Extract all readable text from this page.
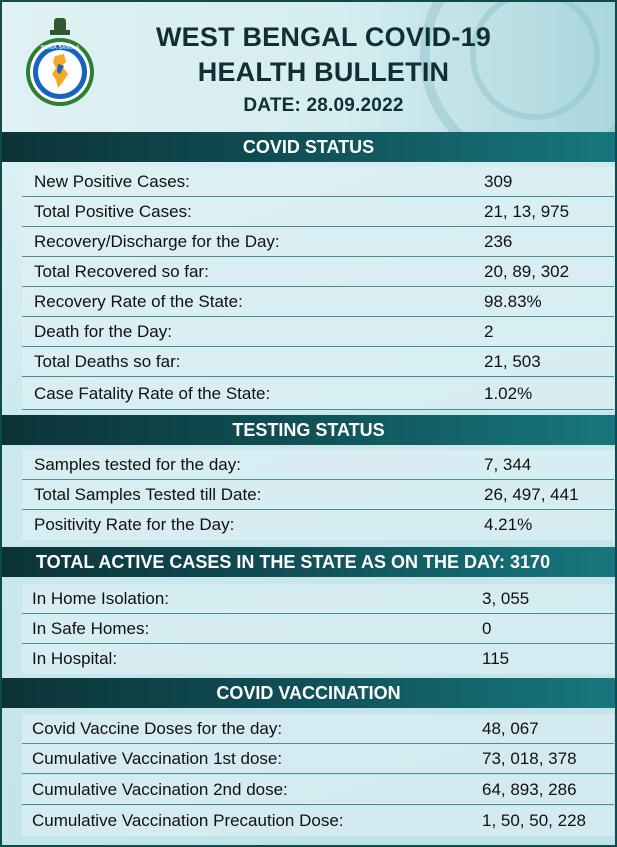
BISWA BANGLA	WEST BENGAL COVID-19
HEALTH BULLETIN
DATE: 28.09.2022
COVID STATUS
New Positive Cases:	309
Total Positive Cases:	21, 13, 975
Recovery/Discharge for the Day:	236
Total Recovered so far:	20, 89, 302
Recovery Rate of the State:	98.83%
Death for the Day:	2
Total Deaths so far:	21, 503
Case Fatality Rate of the State:	1.02%
TESTING STATUS
Samples tested for the day:	7, 344
Total Samples Tested till Date:	26, 497, 441
Positivity Rate for the Day:	4.21%
TOTAL ACTIVE CASES IN THE STATE AS ON THE DAY: 3170
In Home Isolation:	3, 055
In Safe Homes:	0
In Hospital:	115
COVID VACCINATION
Covid Vaccine Doses for the day:	48, 067
Cumulative Vaccination 1st dose:	73, 018, 378
Cumulative Vaccination 2nd dose:	64, 893, 286
Cumulative Vaccination Precaution Dose:	1, 50, 50, 228
